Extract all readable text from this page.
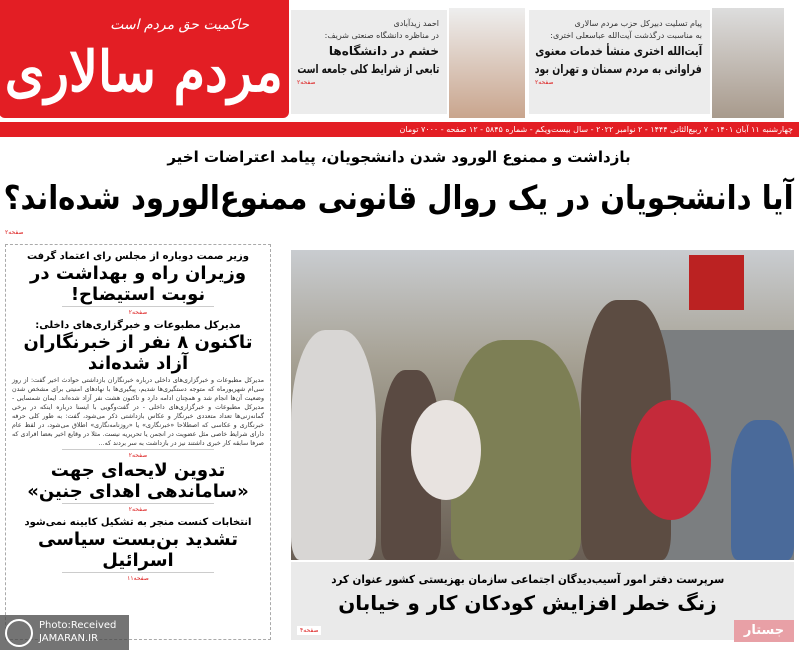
حاکمیت حق مردم است
مردم سالاری
پیام تسلیت دبیرکل حزب مردم سالاری
به مناسبت درگذشت آیت‌الله عباسعلی اختری:
آیت‌الله اختری منشأ خدمات معنوی
فراوانی به مردم سمنان و تهران بود
صفحه۲
احمد زیدآبادی
در مناظره دانشگاه صنعتی شریف:
خشم در دانشگاه‌ها
تابعی از شرایط کلی جامعه است
صفحه۲
چهارشنبه ۱۱ آبان ۱۴۰۱ - ۷ ربیع‌الثانی ۱۴۴۴ - ۲ نوامبر ۲۰۲۲ - سال بیست‌ویکم - شماره ۵۸۴۵ - ۱۲ صفحه - ۷۰۰۰ تومان
بازداشت و ممنوع الورود شدن دانشجویان، پیامد اعتراضات اخیر
آیا دانشجویان در یک روال قانونی ممنوع‌الورود شده‌اند؟
صفحه۲
وزیر صمت دوباره از مجلس رای اعتماد گرفت
وزیران راه و بهداشت در نوبت استیضاح!
صفحه۲
مدیرکل مطبوعات و خبرگزاری‌های داخلی:
تاکنون ۸ نفر از خبرنگاران آزاد شده‌اند
مدیرکل مطبوعات و خبرگزاری‌های داخلی درباره خبرنگاران بازداشتی حوادث اخیر گفت: از روز سی‌ام شهریورماه که متوجه دستگیری‌ها شدیم، پیگیری‌ها با نهادهای امنیتی برای مشخص شدن وضعیت آن‌ها انجام شد و همچنان ادامه دارد و تاکنون هشت نفر آزاد شده‌اند. ایمان شمسایی - مدیرکل مطبوعات و خبرگزاری‌های داخلی - در گفت‌وگویی با ایسنا درباره اینکه در برخی گمانه‌زنی‌ها تعداد متعددی خبرنگار و عکاس بازداشتی ذکر می‌شود، گفت: به طور کلی حرفه خبرنگاری و عکاسی که اصطلاحا «خبرنگاری» یا «روزنامه‌نگاری» اطلاق می‌شود، در لفظ عام دارای شرایط خاصی مثل عضویت در انجمن یا تحریریه نیست. مثلا در وقایع اخیر بعضا افرادی که صرفا سابقه کار خبری داشتند نیز در بازداشت به سر بردند که...
صفحه۲
تدوین لایحه‌ای جهت «ساماندهی اهدای جنین»
صفحه۲
انتخابات کنست منجر به تشکیل کابینه نمی‌شود
تشدید بن‌بست سیاسی اسرائیل
صفحه۱۱	سرپرست دفتر امور آسیب‌دیدگان اجتماعی سازمان بهزیستی کشور عنوان کرد
زنگ خطر افزایش کودکان کار و خیابان
صفحه۴	جستار
Photo:Received
JAMARAN.IR
